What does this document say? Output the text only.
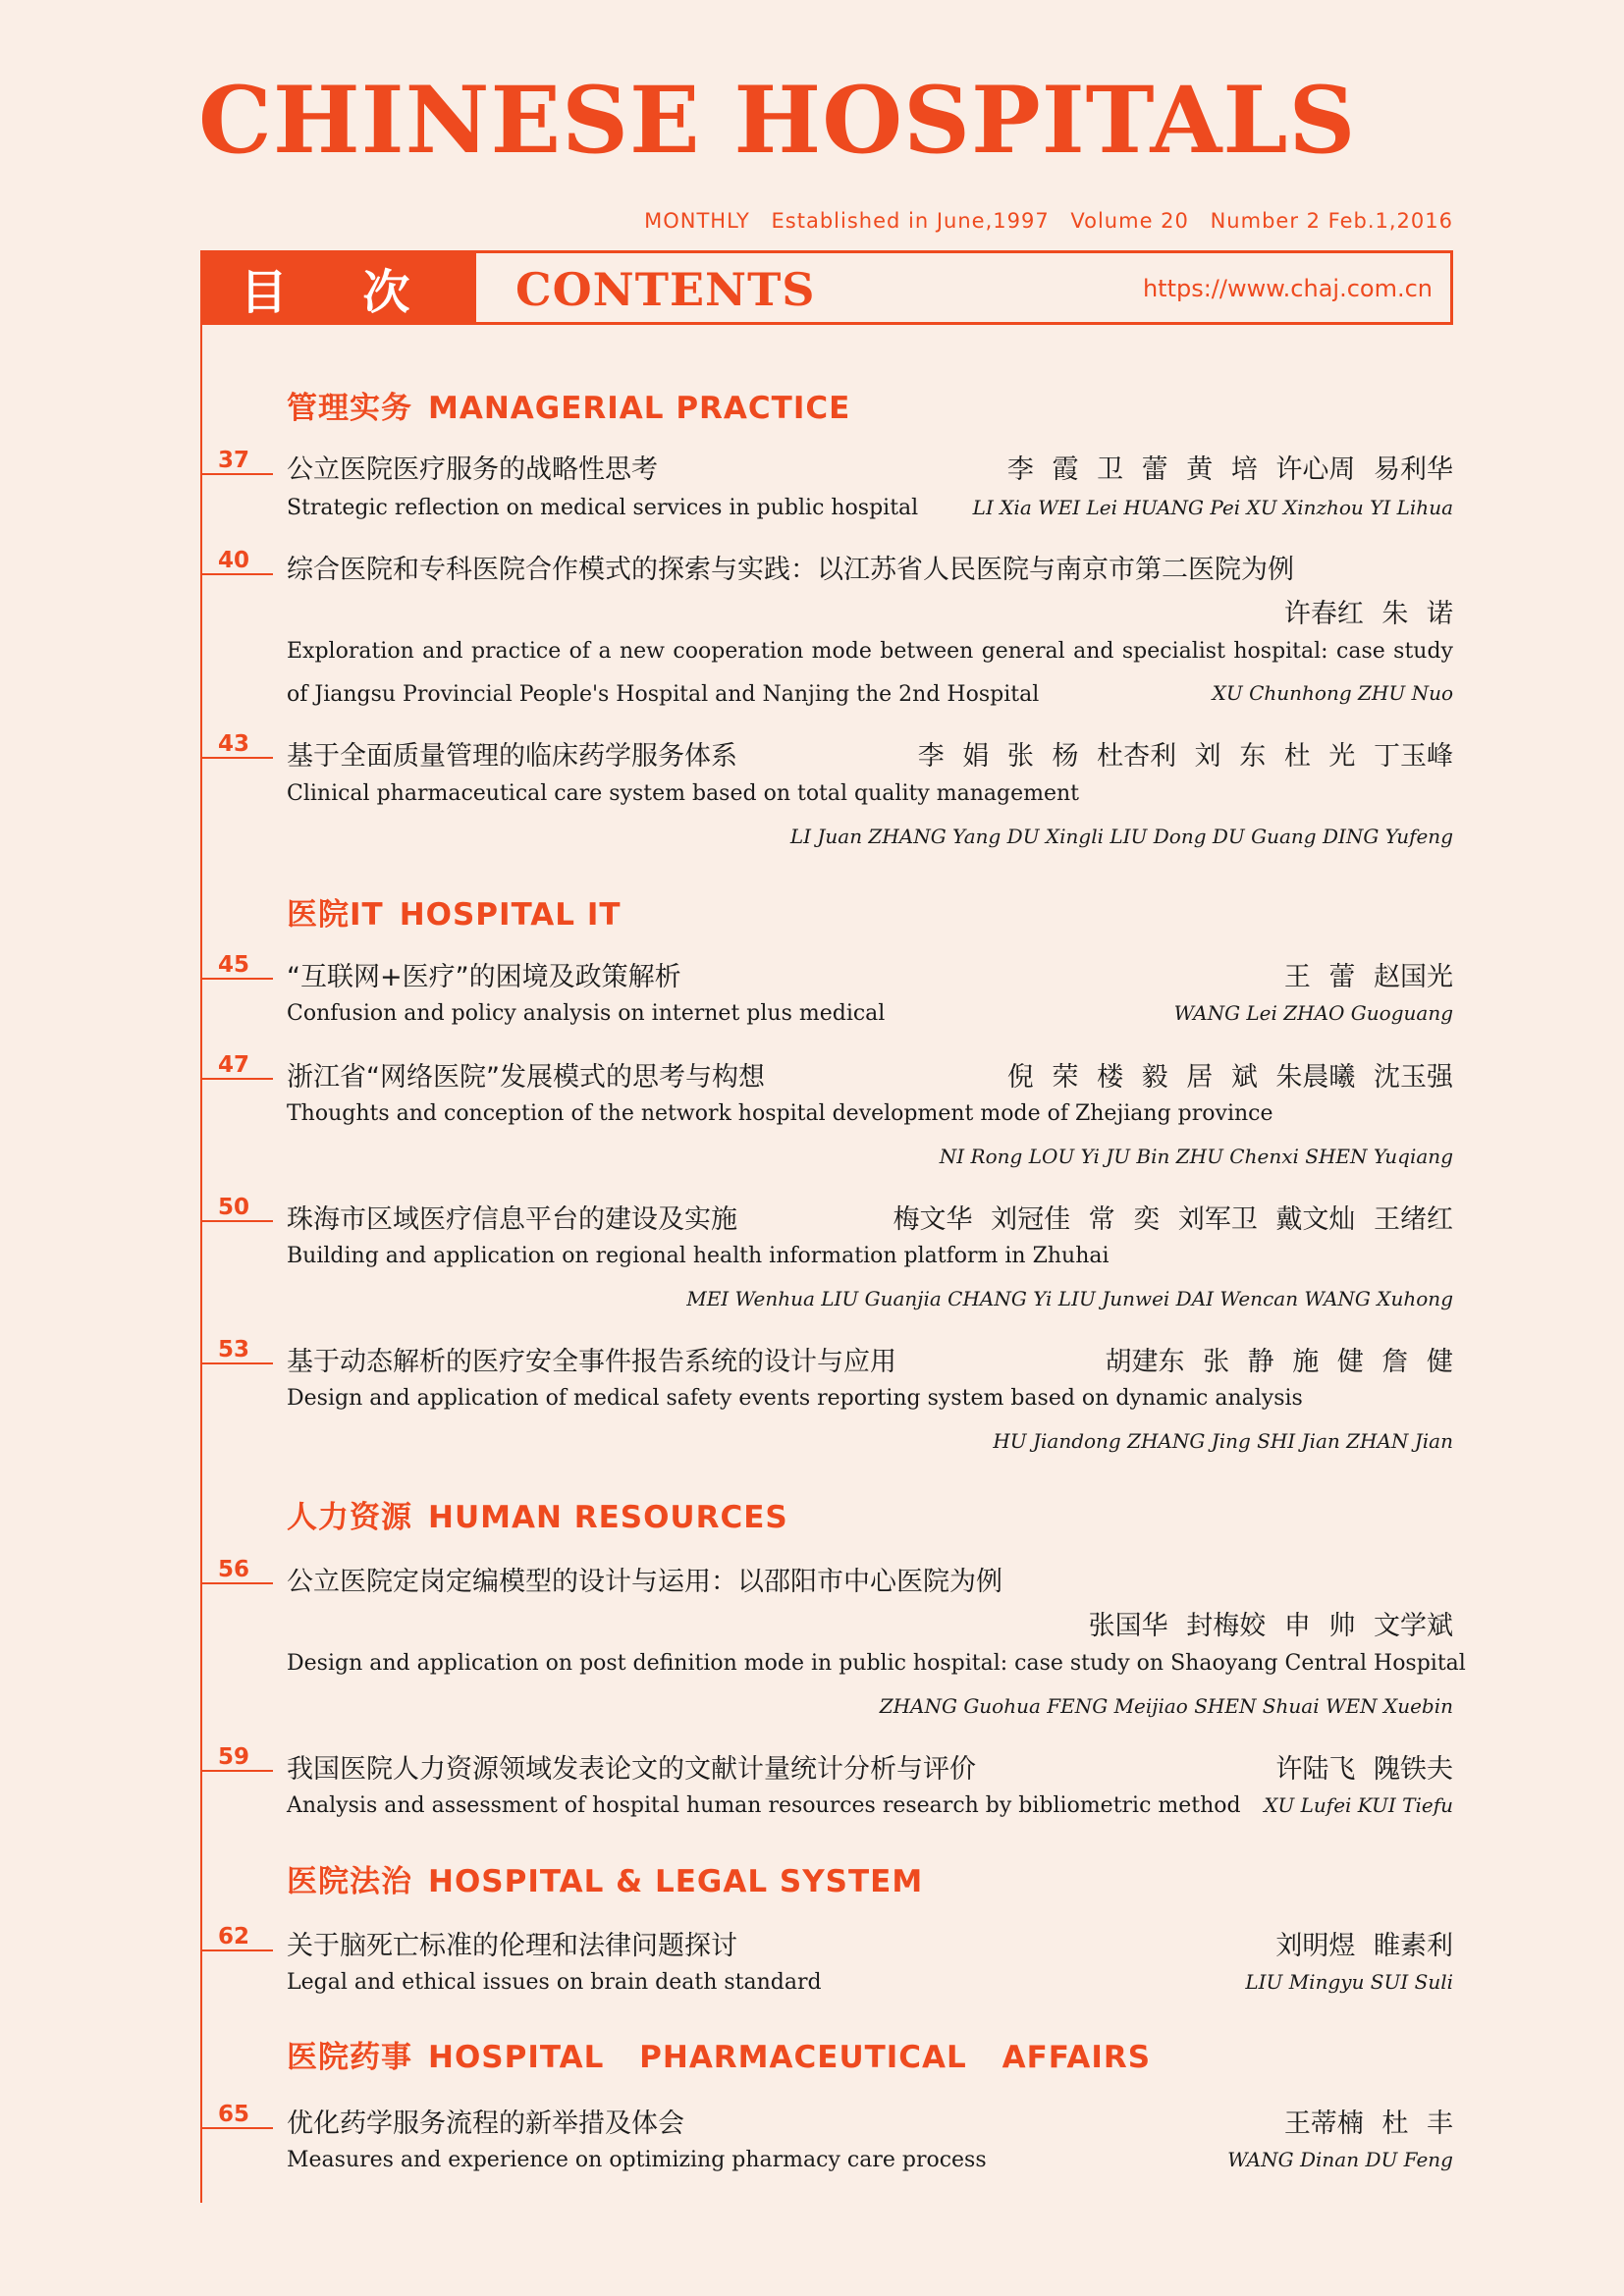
CHINESE HOSPITALS
MONTHLY Established in June,1997 Volume 20 Number 2 Feb.1,2016
目 次	CONTENTS	https://www.chaj.com.cn
管理实务 MANAGERIAL PRACTICE
37 公立医院医疗服务的战略性思考	李 霞 卫 蕾 黄 培 许心周 易利华
Strategic reflection on medical services in public hospital	LI Xia WEI Lei HUANG Pei XU Xinzhou YI Lihua
40 综合医院和专科医院合作模式的探索与实践：以江苏省人民医院与南京市第二医院为例
许春红 朱 诺
Exploration and practice of a new cooperation mode between general and specialist hospital: case study of Jiangsu Provincial People's Hospital and Nanjing the 2nd Hospital	XU Chunhong ZHU Nuo
43 基于全面质量管理的临床药学服务体系	李 娟 张 杨 杜杏利 刘 东 杜 光 丁玉峰
Clinical pharmaceutical care system based on total quality management
LI Juan ZHANG Yang DU Xingli LIU Dong DU Guang DING Yufeng
医院IT HOSPITAL IT
45 “互联网+医疗”的困境及政策解析	王 蕾 赵国光
Confusion and policy analysis on internet plus medical	WANG Lei ZHAO Guoguang
47 浙江省“网络医院”发展模式的思考与构想	倪 荣 楼 毅 居 斌 朱晨曦 沈玉强
Thoughts and conception of the network hospital development mode of Zhejiang province
NI Rong LOU Yi JU Bin ZHU Chenxi SHEN Yuqiang
50 珠海市区域医疗信息平台的建设及实施	梅文华 刘冠佳 常 奕 刘军卫 戴文灿 王绪红
Building and application on regional health information platform in Zhuhai
MEI Wenhua LIU Guanjia CHANG Yi LIU Junwei DAI Wencan WANG Xuhong
53 基于动态解析的医疗安全事件报告系统的设计与应用	胡建东 张 静 施 健 詹 健
Design and application of medical safety events reporting system based on dynamic analysis
HU Jiandong ZHANG Jing SHI Jian ZHAN Jian
人力资源 HUMAN RESOURCES
56 公立医院定岗定编模型的设计与运用：以邵阳市中心医院为例
张国华 封梅姣 申 帅 文学斌
Design and application on post definition mode in public hospital: case study on Shaoyang Central Hospital
ZHANG Guohua FENG Meijiao SHEN Shuai WEN Xuebin
59 我国医院人力资源领域发表论文的文献计量统计分析与评价	许陆飞 隗铁夫
Analysis and assessment of hospital human resources research by bibliometric method XU Lufei KUI Tiefu
医院法治 HOSPITAL & LEGAL SYSTEM
62 关于脑死亡标准的伦理和法律问题探讨	刘明煜 睢素利
Legal and ethical issues on brain death standard	LIU Mingyu SUI Suli
医院药事 HOSPITAL PHARMACEUTICAL AFFAIRS
65 优化药学服务流程的新举措及体会	王蒂楠 杜 丰
Measures and experience on optimizing pharmacy care process	WANG Dinan DU Feng
